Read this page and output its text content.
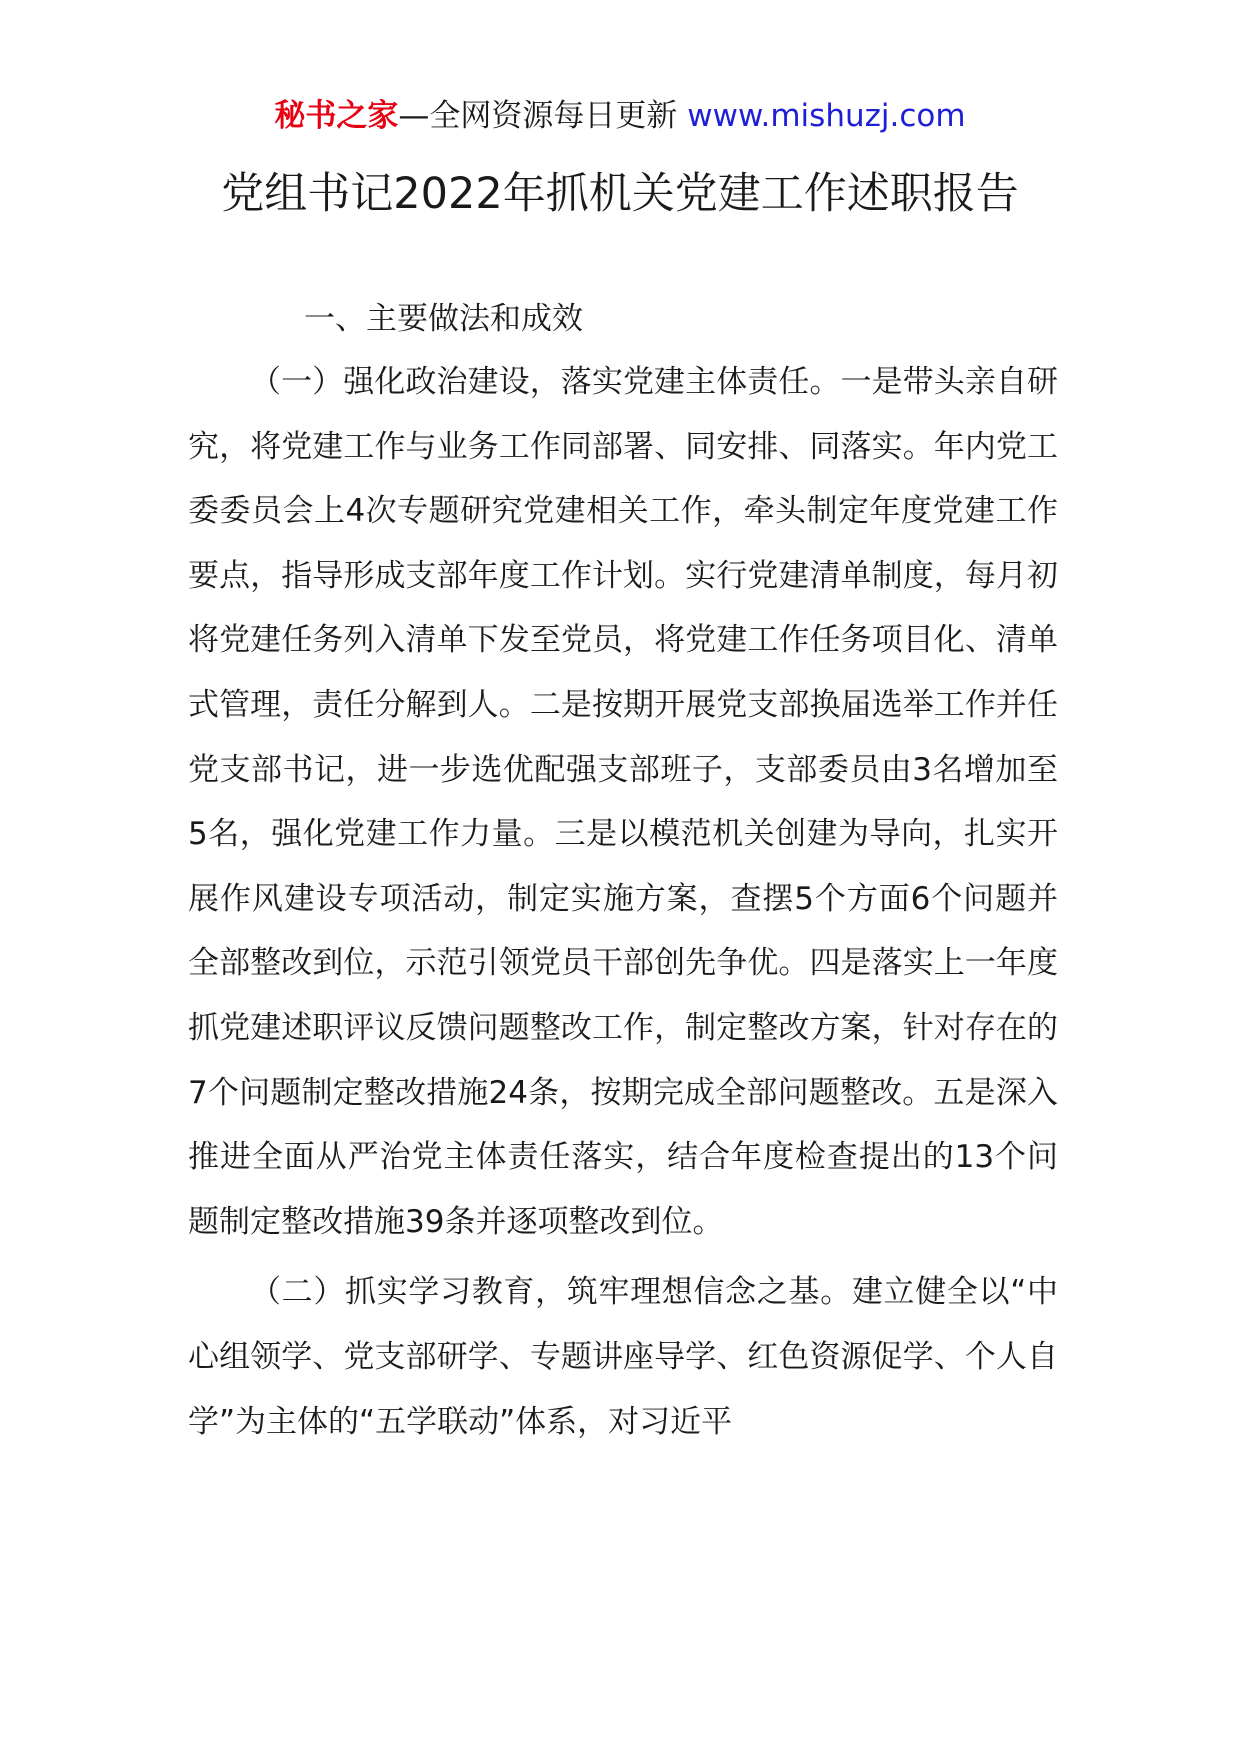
秘书之家—全网资源每日更新 www.mishuzj.com
党组书记2022年抓机关党建工作述职报告

一、主要做法和成效

（一）强化政治建设，落实党建主体责任。一是带头亲自研究，将党建工作与业务工作同部署、同安排、同落实。年内党工委委员会上4次专题研究党建相关工作，牵头制定年度党建工作要点，指导形成支部年度工作计划。实行党建清单制度，每月初将党建任务列入清单下发至党员，将党建工作任务项目化、清单式管理，责任分解到人。二是按期开展党支部换届选举工作并任党支部书记，进一步选优配强支部班子，支部委员由3名增加至5名，强化党建工作力量。三是以模范机关创建为导向，扎实开展作风建设专项活动，制定实施方案，查摆5个方面6个问题并全部整改到位，示范引领党员干部创先争优。四是落实上一年度抓党建述职评议反馈问题整改工作，制定整改方案，针对存在的7个问题制定整改措施24条，按期完成全部问题整改。五是深入推进全面从严治党主体责任落实，结合年度检查提出的13个问题制定整改措施39条并逐项整改到位。

（二）抓实学习教育，筑牢理想信念之基。建立健全以“中心组领学、党支部研学、专题讲座导学、红色资源促学、个人自学”为主体的“五学联动”体系，对习近平
